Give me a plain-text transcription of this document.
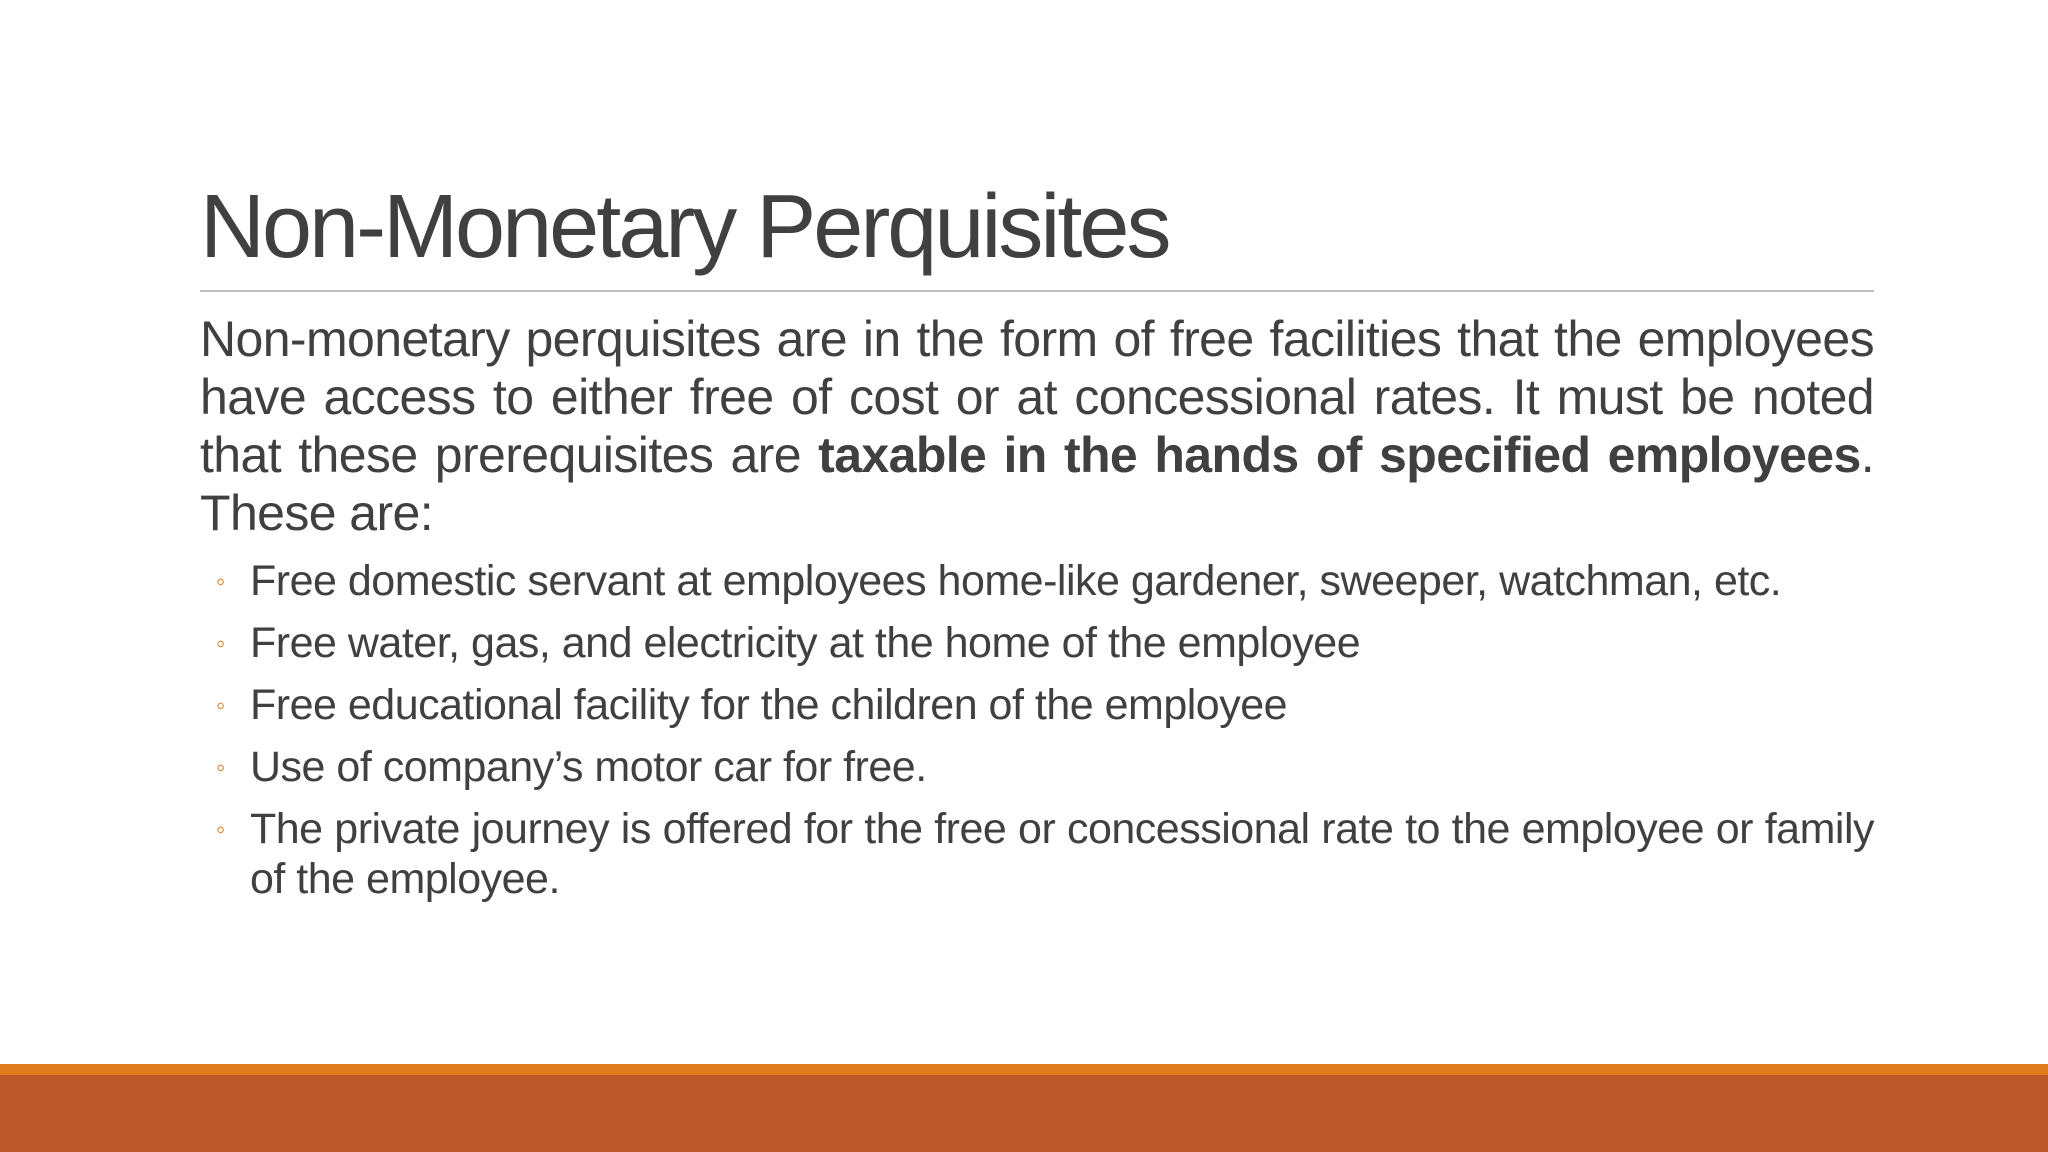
Non-Monetary Perquisites

Non-monetary perquisites are in the form of free facilities that the employees have access to either free of cost or at concessional rates. It must be noted that these prerequisites are taxable in the hands of specified employees. These are:

◦ Free domestic servant at employees home-like gardener, sweeper, watchman, etc.
◦ Free water, gas, and electricity at the home of the employee
◦ Free educational facility for the children of the employee
◦ Use of company’s motor car for free.
◦ The private journey is offered for the free or concessional rate to the employee or family of the employee.
